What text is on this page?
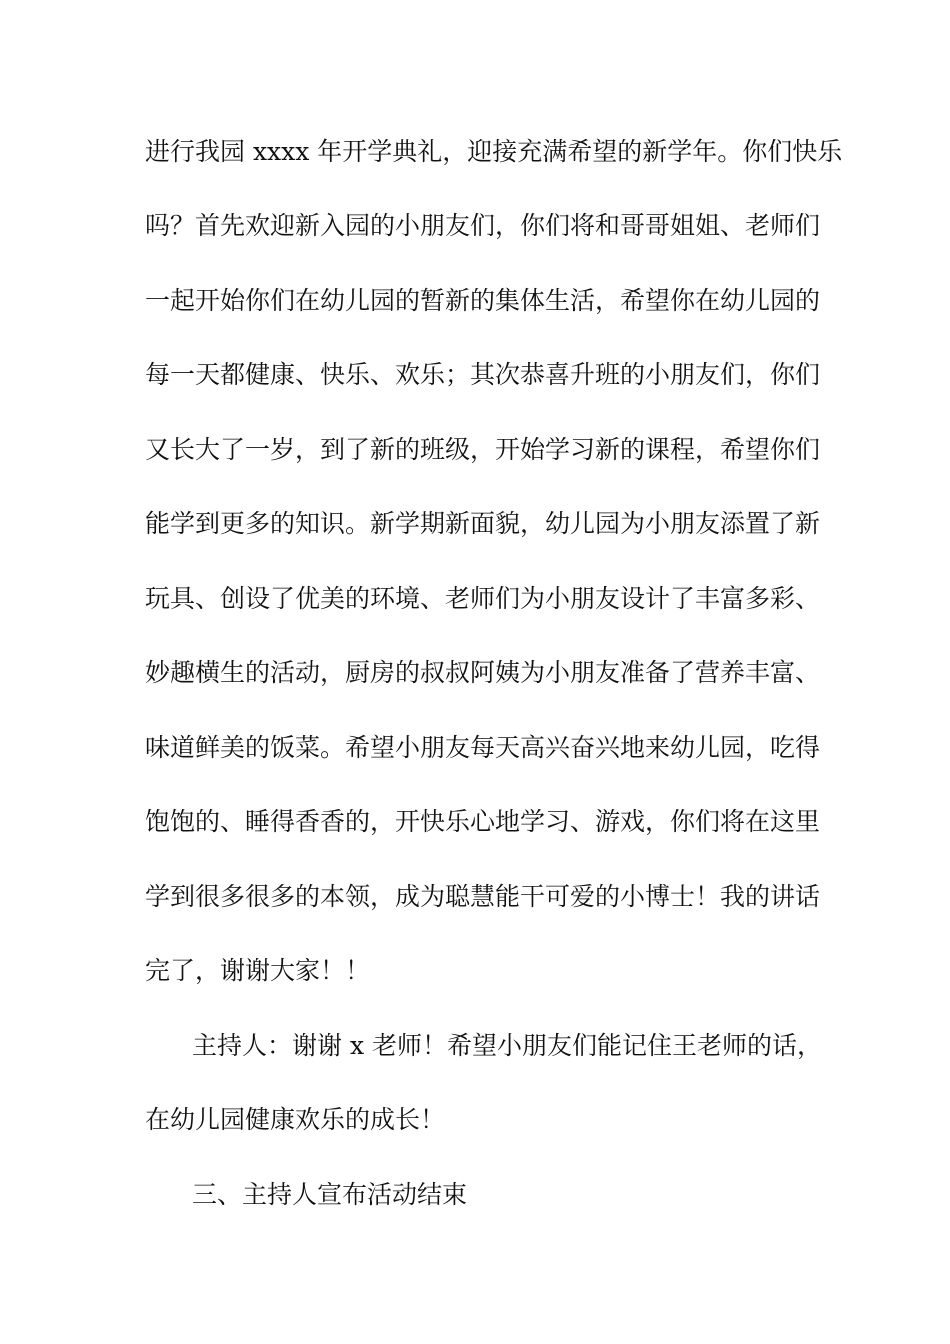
进行我园 xxxx 年开学典礼，迎接充满希望的新学年。你们快乐
吗？首先欢迎新入园的小朋友们，你们将和哥哥姐姐、老师们
一起开始你们在幼儿园的暂新的集体生活，希望你在幼儿园的
每一天都健康、快乐、欢乐；其次恭喜升班的小朋友们，你们
又长大了一岁，到了新的班级，开始学习新的课程，希望你们
能学到更多的知识。新学期新面貌，幼儿园为小朋友添置了新
玩具、创设了优美的环境、老师们为小朋友设计了丰富多彩、
妙趣横生的活动，厨房的叔叔阿姨为小朋友准备了营养丰富、
味道鲜美的饭菜。希望小朋友每天高兴奋兴地来幼儿园，吃得
饱饱的、睡得香香的，开快乐心地学习、游戏，你们将在这里
学到很多很多的本领，成为聪慧能干可爱的小博士！我的讲话
完了，谢谢大家！！
主持人：谢谢 x 老师！希望小朋友们能记住王老师的话，
在幼儿园健康欢乐的成长！
三、主持人宣布活动结束
